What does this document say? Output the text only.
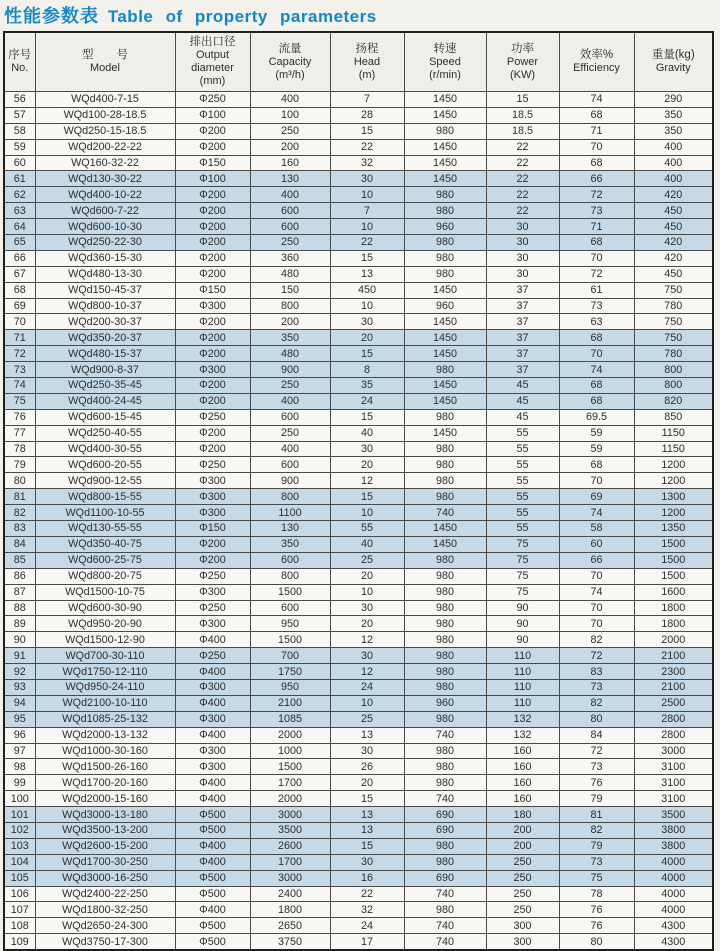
性能参数表 Table of property parameters
序号
No.

型　　号
Model

排出口径
Output diameter
(mm)

流量
Capacity
(m³/h)

扬程
Head
(m)

转速
Speed
(r/min)

功率
Power
(KW)

效率%
Efficiency

重量(kg)
Gravity

56	WQd400-7-15	Φ250	400	7	1450	15	74	290
57	WQd100-28-18.5	Φ100	100	28	1450	18.5	68	350
58	WQd250-15-18.5	Φ200	250	15	980	18.5	71	350
59	WQd200-22-22	Φ200	200	22	1450	22	70	400
60	WQ160-32-22	Φ150	160	32	1450	22	68	400
61	WQd130-30-22	Φ100	130	30	1450	22	66	400
62	WQd400-10-22	Φ200	400	10	980	22	72	420
63	WQd600-7-22	Φ200	600	7	980	22	73	450
64	WQd600-10-30	Φ200	600	10	960	30	71	450
65	WQd250-22-30	Φ200	250	22	980	30	68	420
66	WQd360-15-30	Φ200	360	15	980	30	70	420
67	WQd480-13-30	Φ200	480	13	980	30	72	450
68	WQd150-45-37	Φ150	150	450	1450	37	61	750
69	WQd800-10-37	Φ300	800	10	960	37	73	780
70	WQd200-30-37	Φ200	200	30	1450	37	63	750
71	WQd350-20-37	Φ200	350	20	1450	37	68	750
72	WQd480-15-37	Φ200	480	15	1450	37	70	780
73	WQd900-8-37	Φ300	900	8	980	37	74	800
74	WQd250-35-45	Φ200	250	35	1450	45	68	800
75	WQd400-24-45	Φ200	400	24	1450	45	68	820
76	WQd600-15-45	Φ250	600	15	980	45	69.5	850
77	WQd250-40-55	Φ200	250	40	1450	55	59	1150
78	WQd400-30-55	Φ200	400	30	980	55	59	1150
79	WQd600-20-55	Φ250	600	20	980	55	68	1200
80	WQd900-12-55	Φ300	900	12	980	55	70	1200
81	WQd800-15-55	Φ300	800	15	980	55	69	1300
82	WQd1100-10-55	Φ300	1100	10	740	55	74	1200
83	WQd130-55-55	Φ150	130	55	1450	55	58	1350
84	WQd350-40-75	Φ200	350	40	1450	75	60	1500
85	WQd600-25-75	Φ200	600	25	980	75	66	1500
86	WQd800-20-75	Φ250	800	20	980	75	70	1500
87	WQd1500-10-75	Φ300	1500	10	980	75	74	1600
88	WQd600-30-90	Φ250	600	30	980	90	70	1800
89	WQd950-20-90	Φ300	950	20	980	90	70	1800
90	WQd1500-12-90	Φ400	1500	12	980	90	82	2000
91	WQd700-30-110	Φ250	700	30	980	110	72	2100
92	WQd1750-12-110	Φ400	1750	12	980	110	83	2300
93	WQd950-24-110	Φ300	950	24	980	110	73	2100
94	WQd2100-10-110	Φ400	2100	10	960	110	82	2500
95	WQd1085-25-132	Φ300	1085	25	980	132	80	2800
96	WQd2000-13-132	Φ400	2000	13	740	132	84	2800
97	WQd1000-30-160	Φ300	1000	30	980	160	72	3000
98	WQd1500-26-160	Φ300	1500	26	980	160	73	3100
99	WQd1700-20-160	Φ400	1700	20	980	160	76	3100
100	WQd2000-15-160	Φ400	2000	15	740	160	79	3100
101	WQd3000-13-180	Φ500	3000	13	690	180	81	3500
102	WQd3500-13-200	Φ500	3500	13	690	200	82	3800
103	WQd2600-15-200	Φ400	2600	15	980	200	79	3800
104	WQd1700-30-250	Φ400	1700	30	980	250	73	4000
105	WQd3000-16-250	Φ500	3000	16	690	250	75	4000
106	WQd2400-22-250	Φ500	2400	22	740	250	78	4000
107	WQd1800-32-250	Φ400	1800	32	980	250	76	4000
108	WQd2650-24-300	Φ500	2650	24	740	300	76	4300
109	WQd3750-17-300	Φ500	3750	17	740	300	80	4300
